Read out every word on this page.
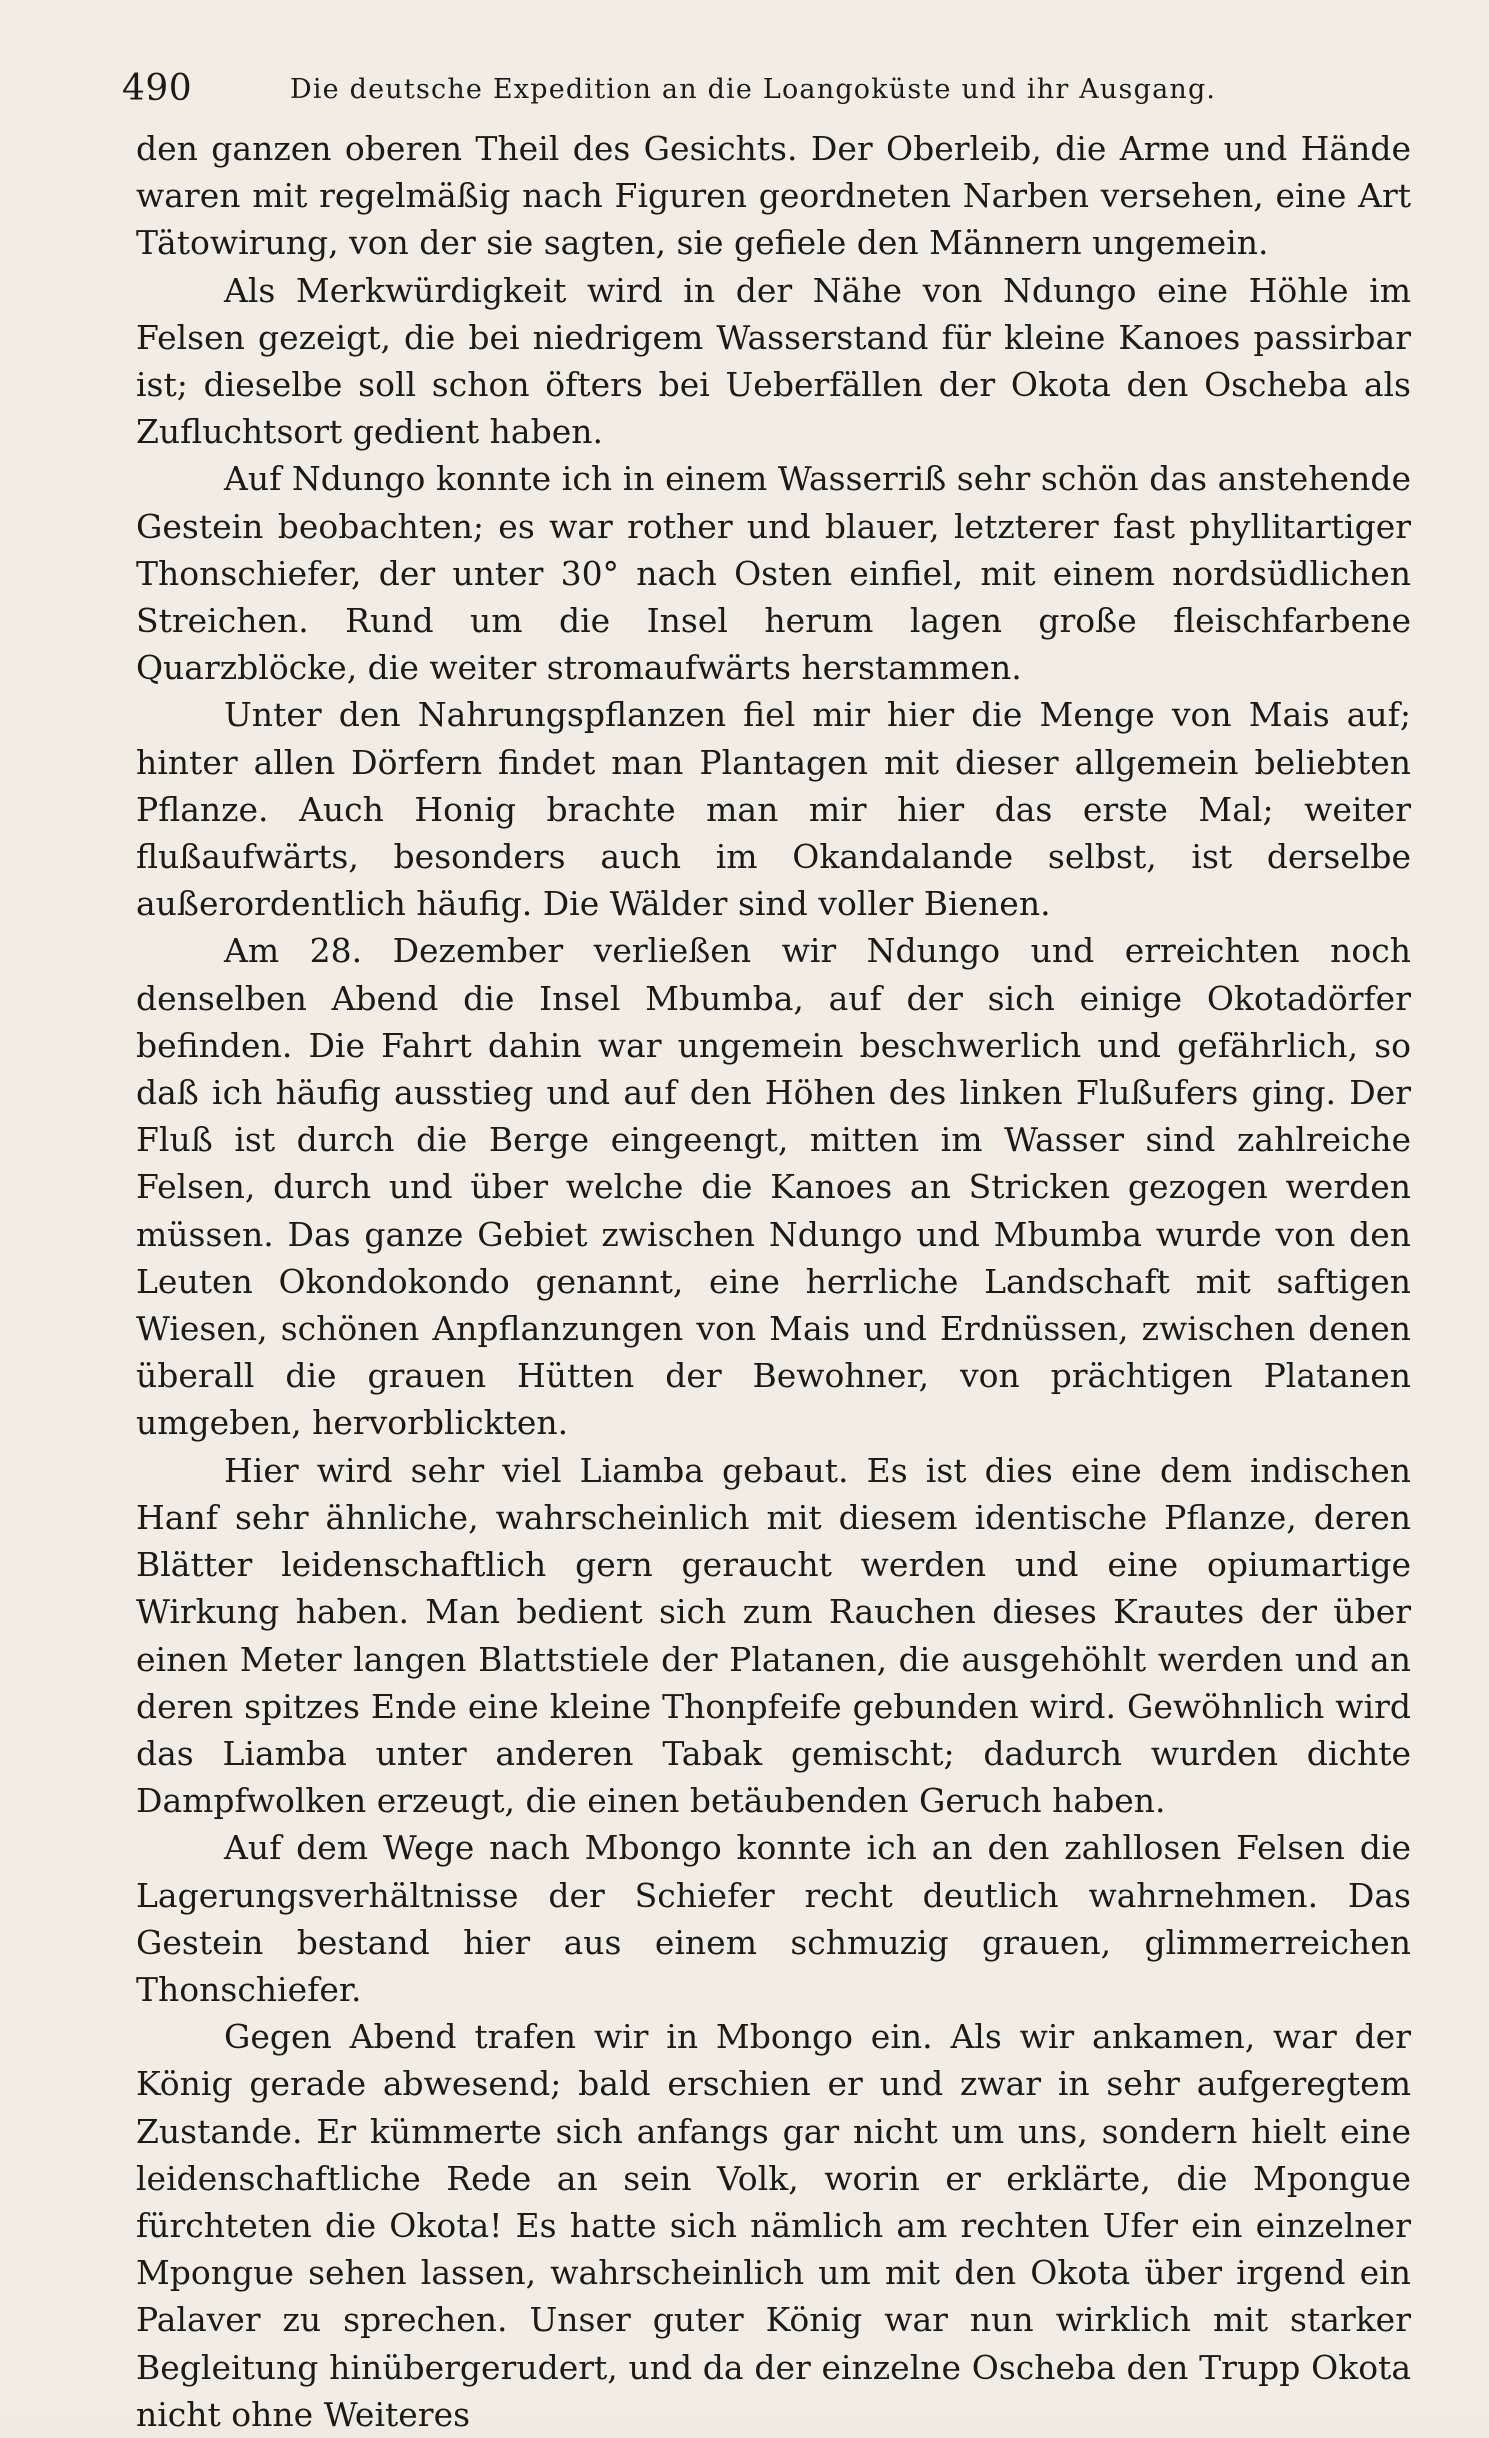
490	Die deutsche Expedition an die Loangoküste und ihr Ausgang.

den ganzen oberen Theil des Gesichts. Der Oberleib, die Arme und Hände waren mit regelmäßig nach Figuren geordneten Narben versehen, eine Art Tätowirung, von der sie sagten, sie gefiele den Männern ungemein.

Als Merkwürdigkeit wird in der Nähe von Ndungo eine Höhle im Felsen gezeigt, die bei niedrigem Wasserstand für kleine Kanoes passirbar ist; dieselbe soll schon öfters bei Ueberfällen der Okota den Oscheba als Zufluchtsort gedient haben.

Auf Ndungo konnte ich in einem Wasserriß sehr schön das anstehende Gestein beobachten; es war rother und blauer, letzterer fast phyllitartiger Thonschiefer, der unter 30° nach Osten einfiel, mit einem nordsüdlichen Streichen. Rund um die Insel herum lagen große fleischfarbene Quarzblöcke, die weiter stromaufwärts herstammen.

Unter den Nahrungspflanzen fiel mir hier die Menge von Mais auf; hinter allen Dörfern findet man Plantagen mit dieser allgemein beliebten Pflanze. Auch Honig brachte man mir hier das erste Mal; weiter flußaufwärts, besonders auch im Okandalande selbst, ist derselbe außerordentlich häufig. Die Wälder sind voller Bienen.

Am 28. Dezember verließen wir Ndungo und erreichten noch denselben Abend die Insel Mbumba, auf der sich einige Okotadörfer befinden. Die Fahrt dahin war ungemein beschwerlich und gefährlich, so daß ich häufig ausstieg und auf den Höhen des linken Flußufers ging. Der Fluß ist durch die Berge eingeengt, mitten im Wasser sind zahlreiche Felsen, durch und über welche die Kanoes an Stricken gezogen werden müssen. Das ganze Gebiet zwischen Ndungo und Mbumba wurde von den Leuten Okondokondo genannt, eine herrliche Landschaft mit saftigen Wiesen, schönen Anpflanzungen von Mais und Erdnüssen, zwischen denen überall die grauen Hütten der Bewohner, von prächtigen Platanen umgeben, hervorblickten.

Hier wird sehr viel Liamba gebaut. Es ist dies eine dem indischen Hanf sehr ähnliche, wahrscheinlich mit diesem identische Pflanze, deren Blätter leidenschaftlich gern geraucht werden und eine opiumartige Wirkung haben. Man bedient sich zum Rauchen dieses Krautes der über einen Meter langen Blattstiele der Platanen, die ausgehöhlt werden und an deren spitzes Ende eine kleine Thonpfeife gebunden wird. Gewöhnlich wird das Liamba unter anderen Tabak gemischt; dadurch wurden dichte Dampfwolken erzeugt, die einen betäubenden Geruch haben.

Auf dem Wege nach Mbongo konnte ich an den zahllosen Felsen die Lagerungsverhältnisse der Schiefer recht deutlich wahrnehmen. Das Gestein bestand hier aus einem schmuzig grauen, glimmerreichen Thonschiefer.

Gegen Abend trafen wir in Mbongo ein. Als wir ankamen, war der König gerade abwesend; bald erschien er und zwar in sehr aufgeregtem Zustande. Er kümmerte sich anfangs gar nicht um uns, sondern hielt eine leidenschaftliche Rede an sein Volk, worin er erklärte, die Mpongue fürchteten die Okota! Es hatte sich nämlich am rechten Ufer ein einzelner Mpongue sehen lassen, wahrscheinlich um mit den Okota über irgend ein Palaver zu sprechen. Unser guter König war nun wirklich mit starker Begleitung hinübergerudert, und da der einzelne Oscheba den Trupp Okota nicht ohne Weiteres
